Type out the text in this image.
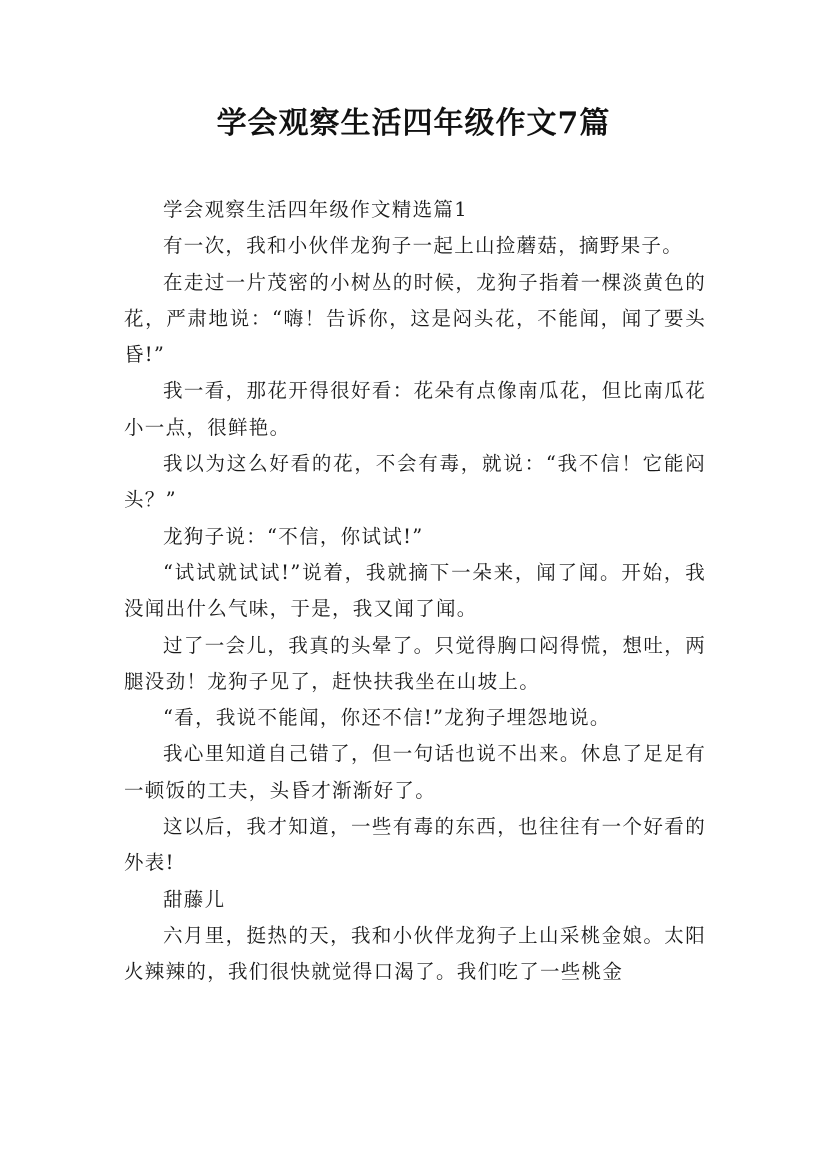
学会观察生活四年级作文7篇

学会观察生活四年级作文精选篇1

有一次，我和小伙伴龙狗子一起上山捡蘑菇，摘野果子。

在走过一片茂密的小树丛的时候，龙狗子指着一棵淡黄色的花，严肃地说：“嗨！告诉你，这是闷头花，不能闻，闻了要头昏!”

我一看，那花开得很好看：花朵有点像南瓜花，但比南瓜花小一点，很鲜艳。

我以为这么好看的花，不会有毒，就说：“我不信！它能闷头？”

龙狗子说：“不信，你试试!”

“试试就试试!”说着，我就摘下一朵来，闻了闻。开始，我没闻出什么气味，于是，我又闻了闻。

过了一会儿，我真的头晕了。只觉得胸口闷得慌，想吐，两腿没劲！龙狗子见了，赶快扶我坐在山坡上。

“看，我说不能闻，你还不信!”龙狗子埋怨地说。

我心里知道自己错了，但一句话也说不出来。休息了足足有一顿饭的工夫，头昏才渐渐好了。

这以后，我才知道，一些有毒的东西，也往往有一个好看的外表!

甜藤儿

六月里，挺热的天，我和小伙伴龙狗子上山采桃金娘。太阳火辣辣的，我们很快就觉得口渴了。我们吃了一些桃金
